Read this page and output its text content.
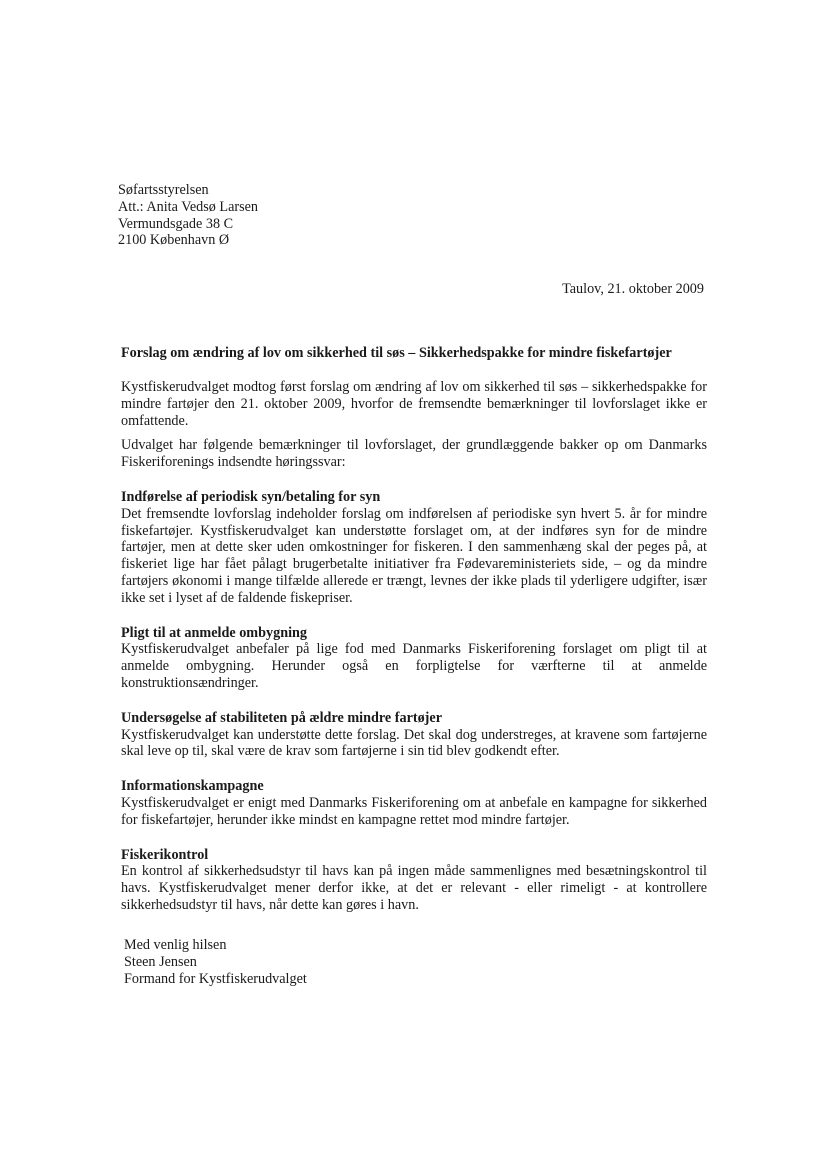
Søfartsstyrelsen
Att.: Anita Vedsø Larsen
Vermundsgade 38 C
2100 København Ø
Taulov, 21. oktober 2009
Forslag om ændring af lov om sikkerhed til søs – Sikkerhedspakke for mindre fiskefartøjer

Kystfiskerudvalget modtog først forslag om ændring af lov om sikkerhed til søs – sikkerhedspakke for mindre fartøjer den 21. oktober 2009, hvorfor de fremsendte bemærkninger til lovforslaget ikke er omfattende.

Udvalget har følgende bemærkninger til lovforslaget, der grundlæggende bakker op om Danmarks Fiskeriforenings indsendte høringssvar:

Indførelse af periodisk syn/betaling for syn

Det fremsendte lovforslag indeholder forslag om indførelsen af periodiske syn hvert 5. år for mindre fiskefartøjer. Kystfiskerudvalget kan understøtte forslaget om, at der indføres syn for de mindre fartøjer, men at dette sker uden omkostninger for fiskeren. I den sammenhæng skal der peges på, at fiskeriet lige har fået pålagt brugerbetalte initiativer fra Fødevareministeriets side, – og da mindre fartøjers økonomi i mange tilfælde allerede er trængt, levnes der ikke plads til yderligere udgifter, især ikke set i lyset af de faldende fiskepriser.

Pligt til at anmelde ombygning

Kystfiskerudvalget anbefaler på lige fod med Danmarks Fiskeriforening forslaget om pligt til at anmelde ombygning. Herunder også en forpligtelse for værfterne til at anmelde konstruktionsændringer.

Undersøgelse af stabiliteten på ældre mindre fartøjer

Kystfiskerudvalget kan understøtte dette forslag. Det skal dog understreges, at kravene som fartøjerne skal leve op til, skal være de krav som fartøjerne i sin tid blev godkendt efter.

Informationskampagne

Kystfiskerudvalget er enigt med Danmarks Fiskeriforening om at anbefale en kampagne for sikkerhed for fiskefartøjer, herunder ikke mindst en kampagne rettet mod mindre fartøjer.

Fiskerikontrol

En kontrol af sikkerhedsudstyr til havs kan på ingen måde sammenlignes med besætningskontrol til havs. Kystfiskerudvalget mener derfor ikke, at det er relevant - eller rimeligt - at kontrollere sikkerhedsudstyr til havs, når dette kan gøres i havn.

Med venlig hilsen
Steen Jensen
Formand for Kystfiskerudvalget
